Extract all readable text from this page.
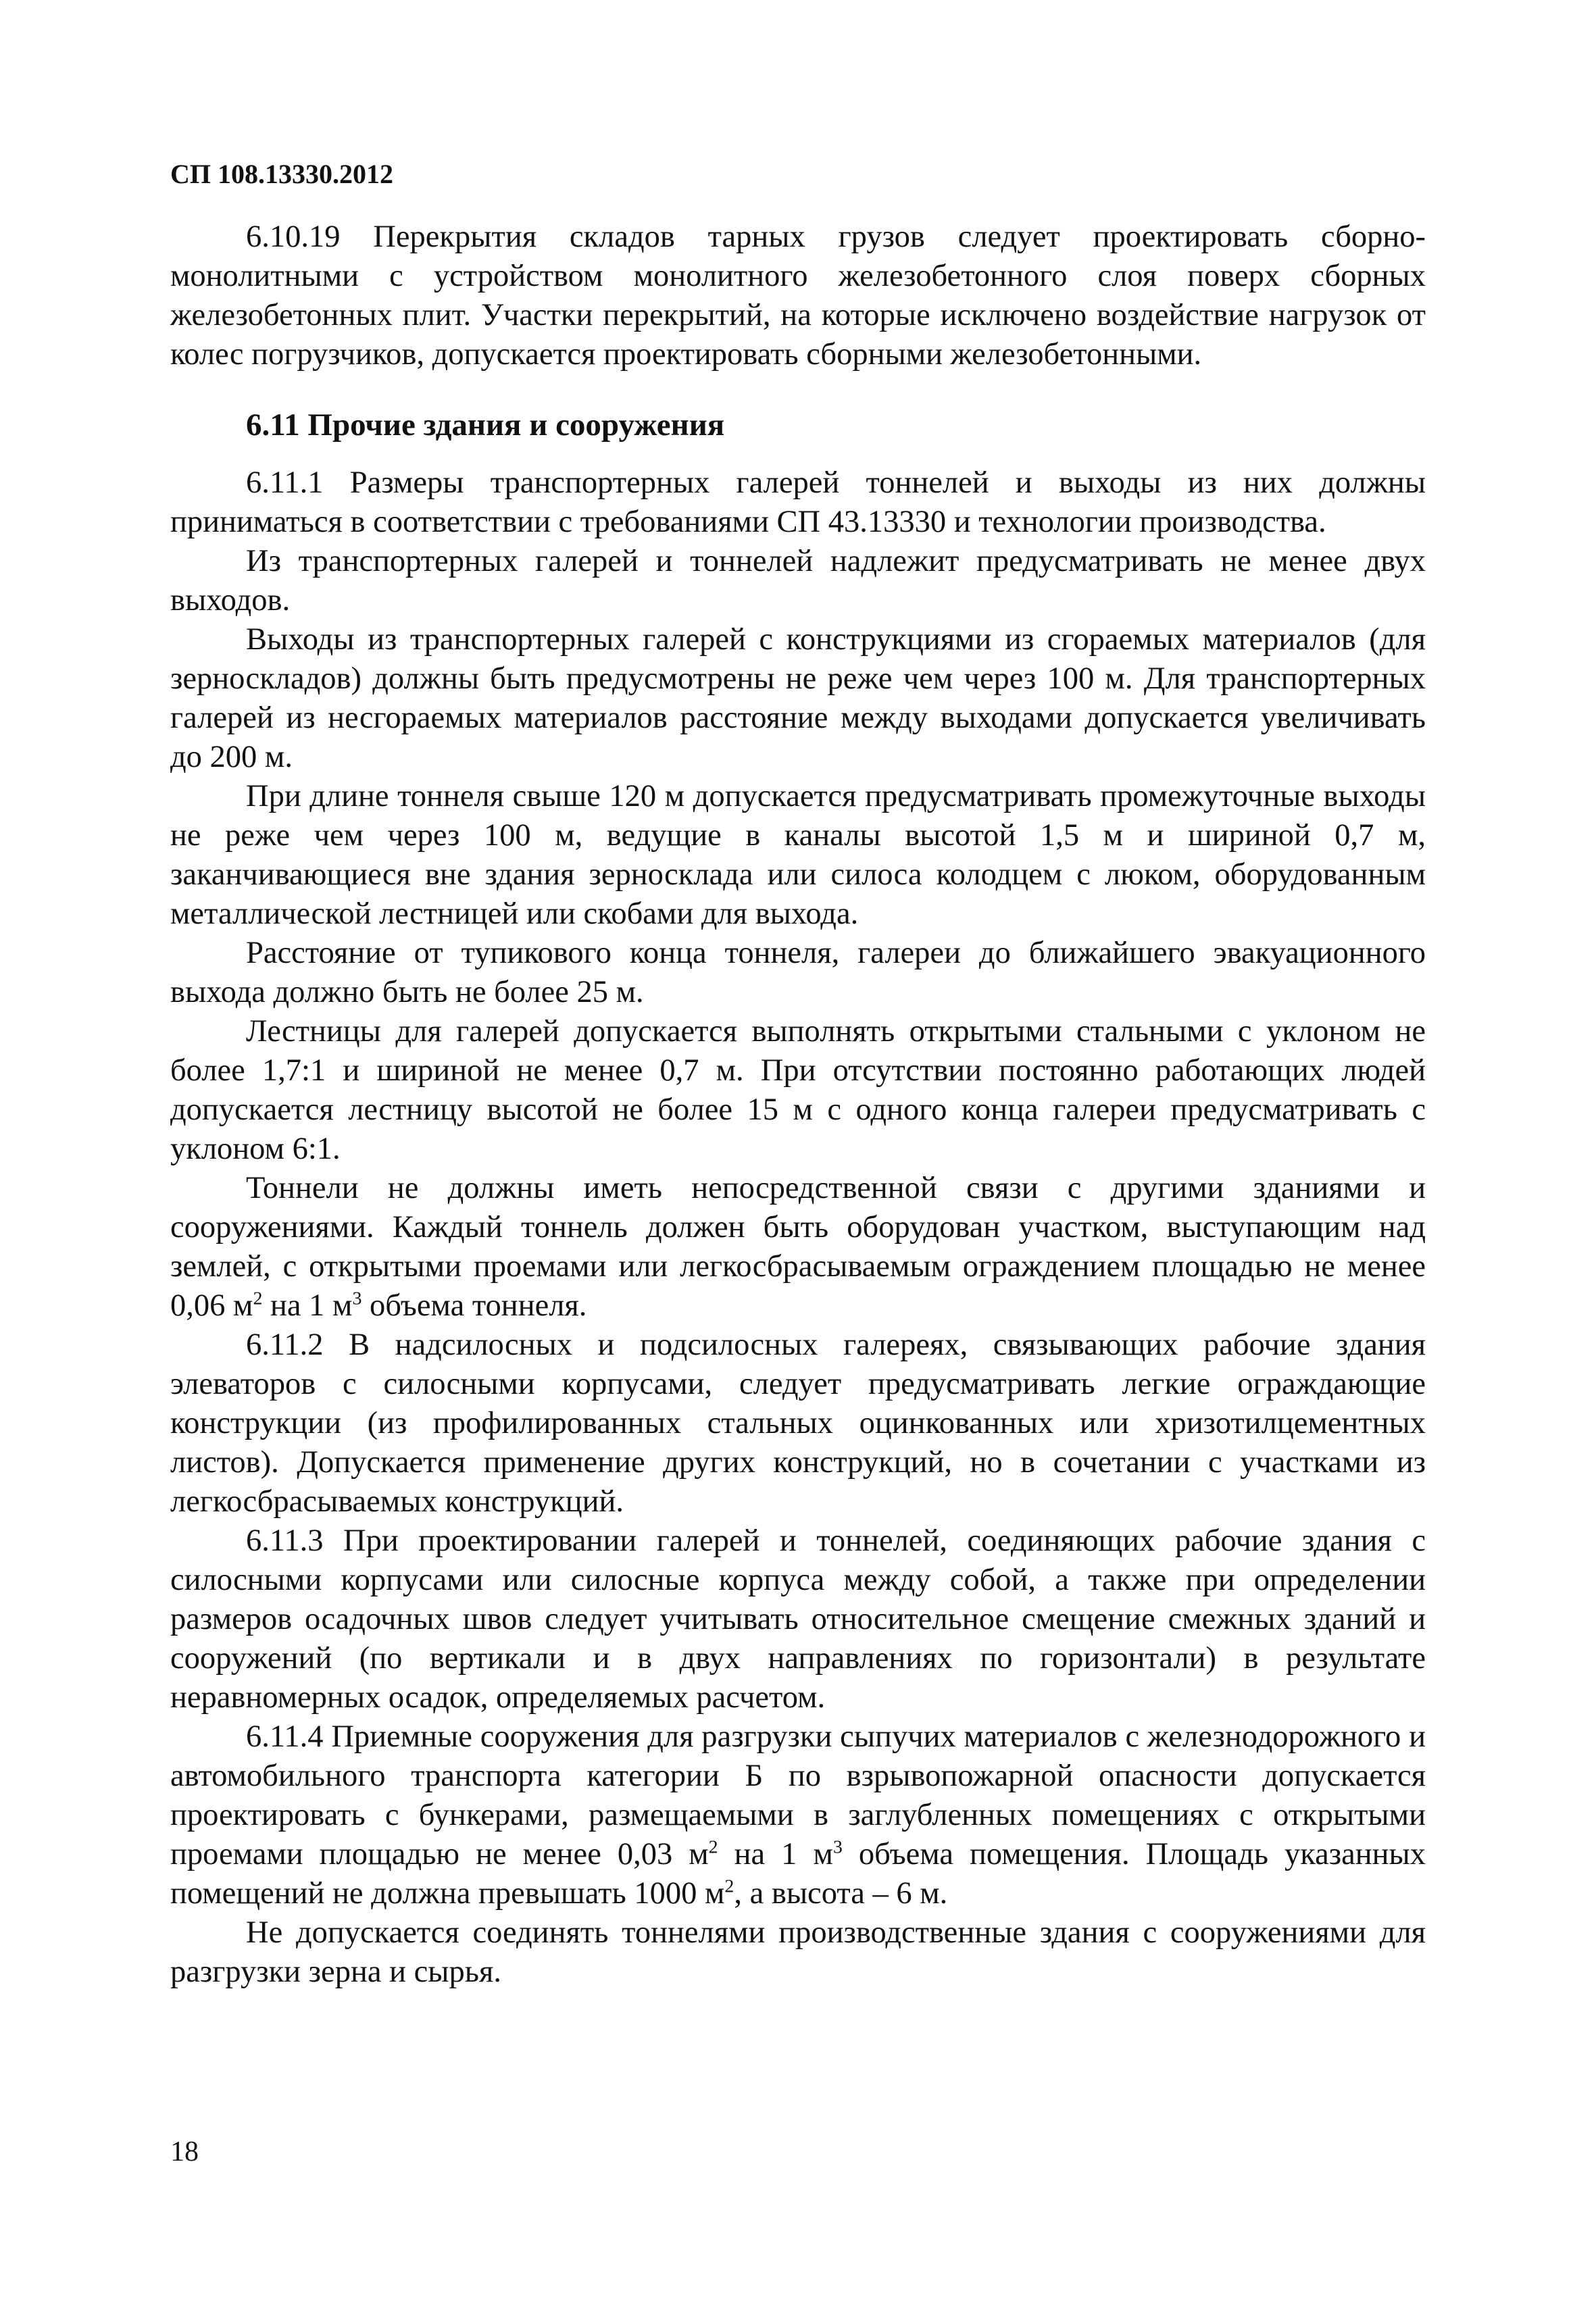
СП 108.13330.2012

6.10.19 Перекрытия складов тарных грузов следует проектировать сборно-монолитными с устройством монолитного железобетонного слоя поверх сборных железобетонных плит. Участки перекрытий, на которые исключено воздействие нагрузок от колес погрузчиков, допускается проектировать сборными железобетонными.

6.11 Прочие здания и сооружения

6.11.1 Размеры транспортерных галерей тоннелей и выходы из них должны приниматься в соответствии с требованиями СП 43.13330 и технологии производства.

Из транспортерных галерей и тоннелей надлежит предусматривать не менее двух выходов.

Выходы из транспортерных галерей с конструкциями из сгораемых материалов (для зерноскладов) должны быть предусмотрены не реже чем через 100 м. Для транспортерных галерей из несгораемых материалов расстояние между выходами допускается увеличивать до 200 м.

При длине тоннеля свыше 120 м допускается предусматривать промежуточные выходы не реже чем через 100 м, ведущие в каналы высотой 1,5 м и шириной 0,7 м, заканчивающиеся вне здания зерносклада или силоса колодцем с люком, оборудованным металлической лестницей или скобами для выхода.

Расстояние от тупикового конца тоннеля, галереи до ближайшего эвакуационного выхода должно быть не более 25 м.

Лестницы для галерей допускается выполнять открытыми стальными с уклоном не более 1,7:1 и шириной не менее 0,7 м. При отсутствии постоянно работающих людей допускается лестницу высотой не более 15 м с одного конца галереи предусматривать с уклоном 6:1.

Тоннели не должны иметь непосредственной связи с другими зданиями и сооружениями. Каждый тоннель должен быть оборудован участком, выступающим над землей, с открытыми проемами или легкосбрасываемым ограждением площадью не менее 0,06 $м^2$ на 1 $м^3$ объема тоннеля.

6.11.2 В надсилосных и подсилосных галереях, связывающих рабочие здания элеваторов с силосными корпусами, следует предусматривать легкие ограждающие конструкции (из профилированных стальных оцинкованных или хризотилцементных листов). Допускается применение других конструкций, но в сочетании с участками из легкосбрасываемых конструкций.

6.11.3 При проектировании галерей и тоннелей, соединяющих рабочие здания с силосными корпусами или силосные корпуса между собой, а также при определении размеров осадочных швов следует учитывать относительное смещение смежных зданий и сооружений (по вертикали и в двух направлениях по горизонтали) в результате неравномерных осадок, определяемых расчетом.

6.11.4 Приемные сооружения для разгрузки сыпучих материалов с железнодорожного и автомобильного транспорта категории Б по взрывопожарной опасности допускается проектировать с бункерами, размещаемыми в заглубленных помещениях с открытыми проемами площадью не менее 0,03 $м^2$ на 1 $м^3$ объема помещения. Площадь указанных помещений не должна превышать 1000 $м^2$, а высота – 6 м.

Не допускается соединять тоннелями производственные здания с сооружениями для разгрузки зерна и сырья.

18
